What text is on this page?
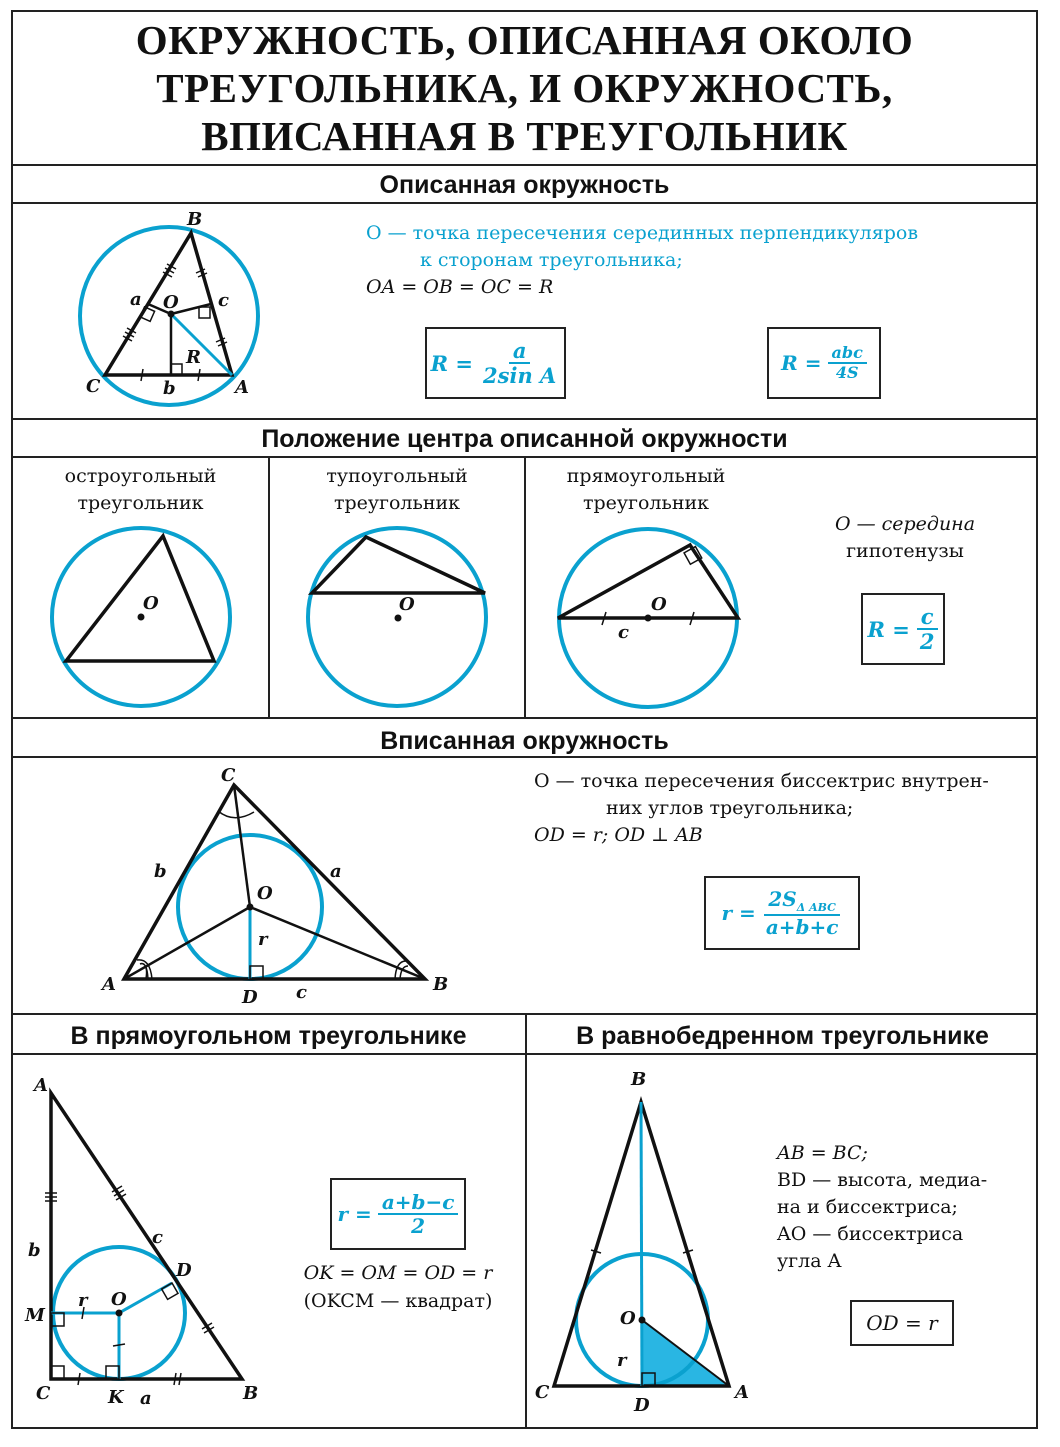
ОКРУЖНОСТЬ, ОПИСАННАЯ ОКОЛО
ТРЕУГОЛЬНИКА, И ОКРУЖНОСТЬ,
ВПИСАННАЯ В ТРЕУГОЛЬНИК
Описанная окружность
B
C	A
O
a	c
b
R
O — точка пересечения серединных перпендикуляров
к сторонам треугольника;
OA = OB = OC = R
$R = \frac{a}{\text{2sin A}}$	$R = \frac{\text{abc}}{4S}$
Положение центра описанной окружности
остроугольный
треугольник
тупоугольный
треугольник
прямоугольный
треугольник
O	O	O
c
O — середина
гипотенузы
$R = \frac{c}{2}$
Вписанная окружность
C
A	B
O
D
b	a
c
r
O — точка пересечения биссектрис внутрен-
них углов треугольника;
OD = r; OD ⊥ AB
$r = \frac{2S_{\Delta ABC}}{a+b+c}$
В прямоугольном треугольнике
A
B
C
D
M
K
O
a
b
c
r
$r = \frac{a+b-c}{2}$
OK = OM = OD = r
(OKCM — квадрат)
В равнобедренном треугольнике
B
C	A
D
O
r
AB = BC;
BD — высота, медиа-
на и биссектриса;
AO — биссектриса
угла A
OD = r
